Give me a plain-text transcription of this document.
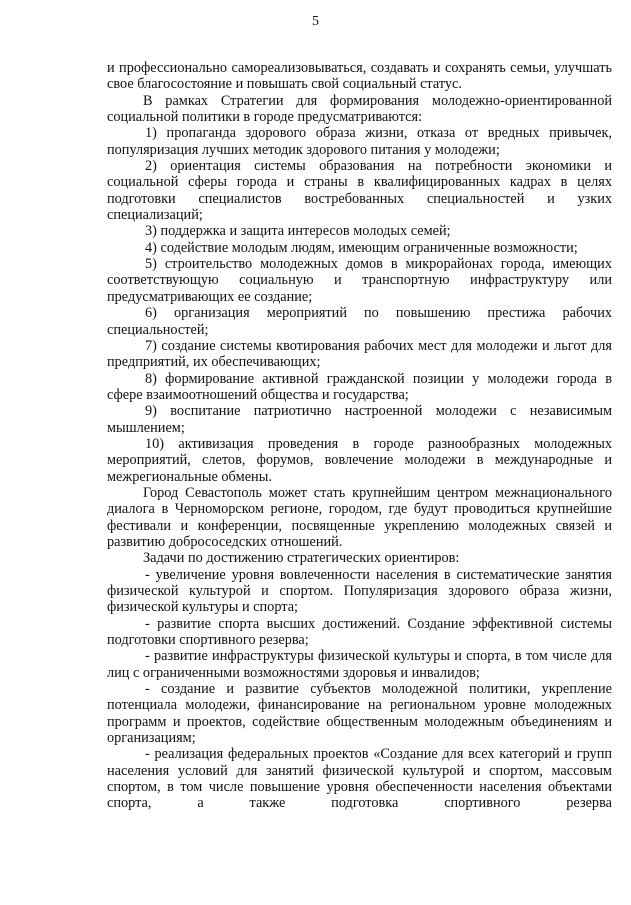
5

и профессионально самореализовываться, создавать и сохранять семьи, улучшать свое благосостояние и повышать свой социальный статус.

В рамках Стратегии для формирования молодежно-ориентированной социальной политики в городе предусматриваются:

1) пропаганда здорового образа жизни, отказа от вредных привычек, популяризация лучших методик здорового питания у молодежи;

2) ориентация системы образования на потребности экономики и социальной сферы города и страны в квалифицированных кадрах в целях подготовки специалистов востребованных специальностей и узких специализаций;

3) поддержка и защита интересов молодых семей;

4) содействие молодым людям, имеющим ограниченные возможности;

5) строительство молодежных домов в микрорайонах города, имеющих соответствующую социальную и транспортную инфраструктуру или предусматривающих ее создание;

6) организация мероприятий по повышению престижа рабочих специальностей;

7) создание системы квотирования рабочих мест для молодежи и льгот для предприятий, их обеспечивающих;

8) формирование активной гражданской позиции у молодежи города в сфере взаимоотношений общества и государства;

9) воспитание патриотично настроенной молодежи с независимым мышлением;

10) активизация проведения в городе разнообразных молодежных мероприятий, слетов, форумов, вовлечение молодежи в международные и межрегиональные обмены.

Город Севастополь может стать крупнейшим центром межнационального диалога в Черноморском регионе, городом, где будут проводиться крупнейшие фестивали и конференции, посвященные укреплению молодежных связей и развитию добрососедских отношений.

Задачи по достижению стратегических ориентиров:

- увеличение уровня вовлеченности населения в систематические занятия физической культурой и спортом. Популяризация здорового образа жизни, физической культуры и спорта;

- развитие спорта высших достижений. Создание эффективной системы подготовки спортивного резерва;

- развитие инфраструктуры физической культуры и спорта, в том числе для лиц с ограниченными возможностями здоровья и инвалидов;

- создание и развитие субъектов молодежной политики, укрепление потенциала молодежи, финансирование на региональном уровне молодежных программ и проектов, содействие общественным молодежным объединениям и организациям;

- реализация федеральных проектов «Создание для всех категорий и групп населения условий для занятий физической культурой и спортом, массовым спортом, в том числе повышение уровня обеспеченности населения объектами спорта, а также подготовка спортивного резерва
